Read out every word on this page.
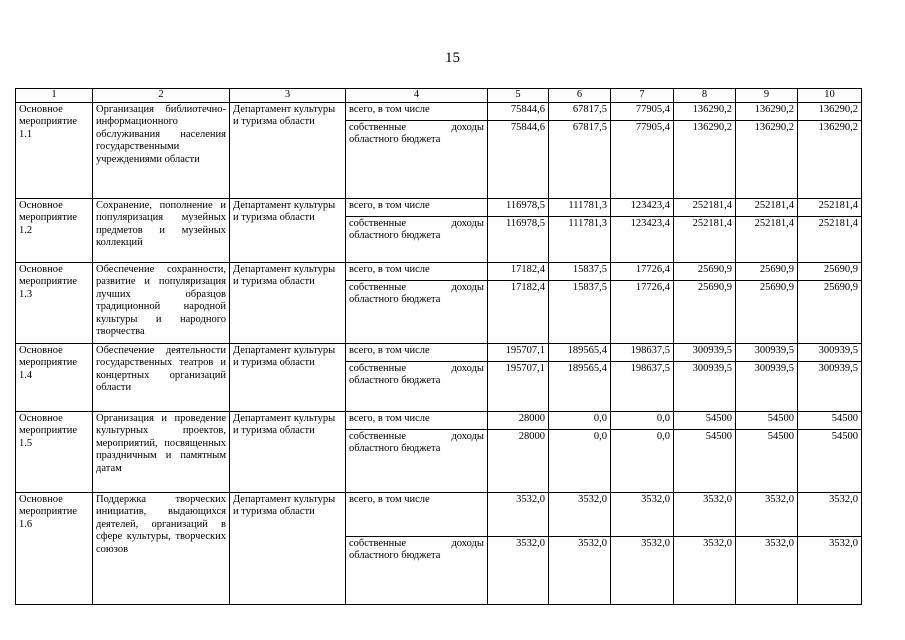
15
1	2	3	4	5	6	7	8	9	10
Основное мероприятие 1.1	Организация библиотечно-информационного обслуживания населения государственными учреждениями области	Департамент культуры и туризма области	всего, в том числе	75844,6	67817,5	77905,4	136290,2	136290,2	136290,2
			собственные доходы областного бюджета	75844,6	67817,5	77905,4	136290,2	136290,2	136290,2
Основное мероприятие 1.2	Сохранение, пополнение и популяризация музейных предметов и музейных коллекций	Департамент культуры и туризма области	всего, в том числе	116978,5	111781,3	123423,4	252181,4	252181,4	252181,4
			собственные доходы областного бюджета	116978,5	111781,3	123423,4	252181,4	252181,4	252181,4
Основное мероприятие 1.3	Обеспечение сохранности, развитие и популяризация лучших образцов традиционной народной культуры и народного творчества	Департамент культуры и туризма области	всего, в том числе	17182,4	15837,5	17726,4	25690,9	25690,9	25690,9
			собственные доходы областного бюджета	17182,4	15837,5	17726,4	25690,9	25690,9	25690,9
Основное мероприятие 1.4	Обеспечение деятельности государственных театров и концертных организаций области	Департамент культуры и туризма области	всего, в том числе	195707,1	189565,4	198637,5	300939,5	300939,5	300939,5
			собственные доходы областного бюджета	195707,1	189565,4	198637,5	300939,5	300939,5	300939,5
Основное мероприятие 1.5	Организация и проведение культурных проектов, мероприятий, посвященных праздничным и памятным датам	Департамент культуры и туризма области	всего, в том числе	28000	0,0	0,0	54500	54500	54500
			собственные доходы областного бюджета	28000	0,0	0,0	54500	54500	54500
Основное мероприятие 1.6	Поддержка творческих инициатив, выдающихся деятелей, организаций в сфере культуры, творческих союзов	Департамент культуры и туризма области	всего, в том числе	3532,0	3532,0	3532,0	3532,0	3532,0	3532,0
			собственные доходы областного бюджета	3532,0	3532,0	3532,0	3532,0	3532,0	3532,0
